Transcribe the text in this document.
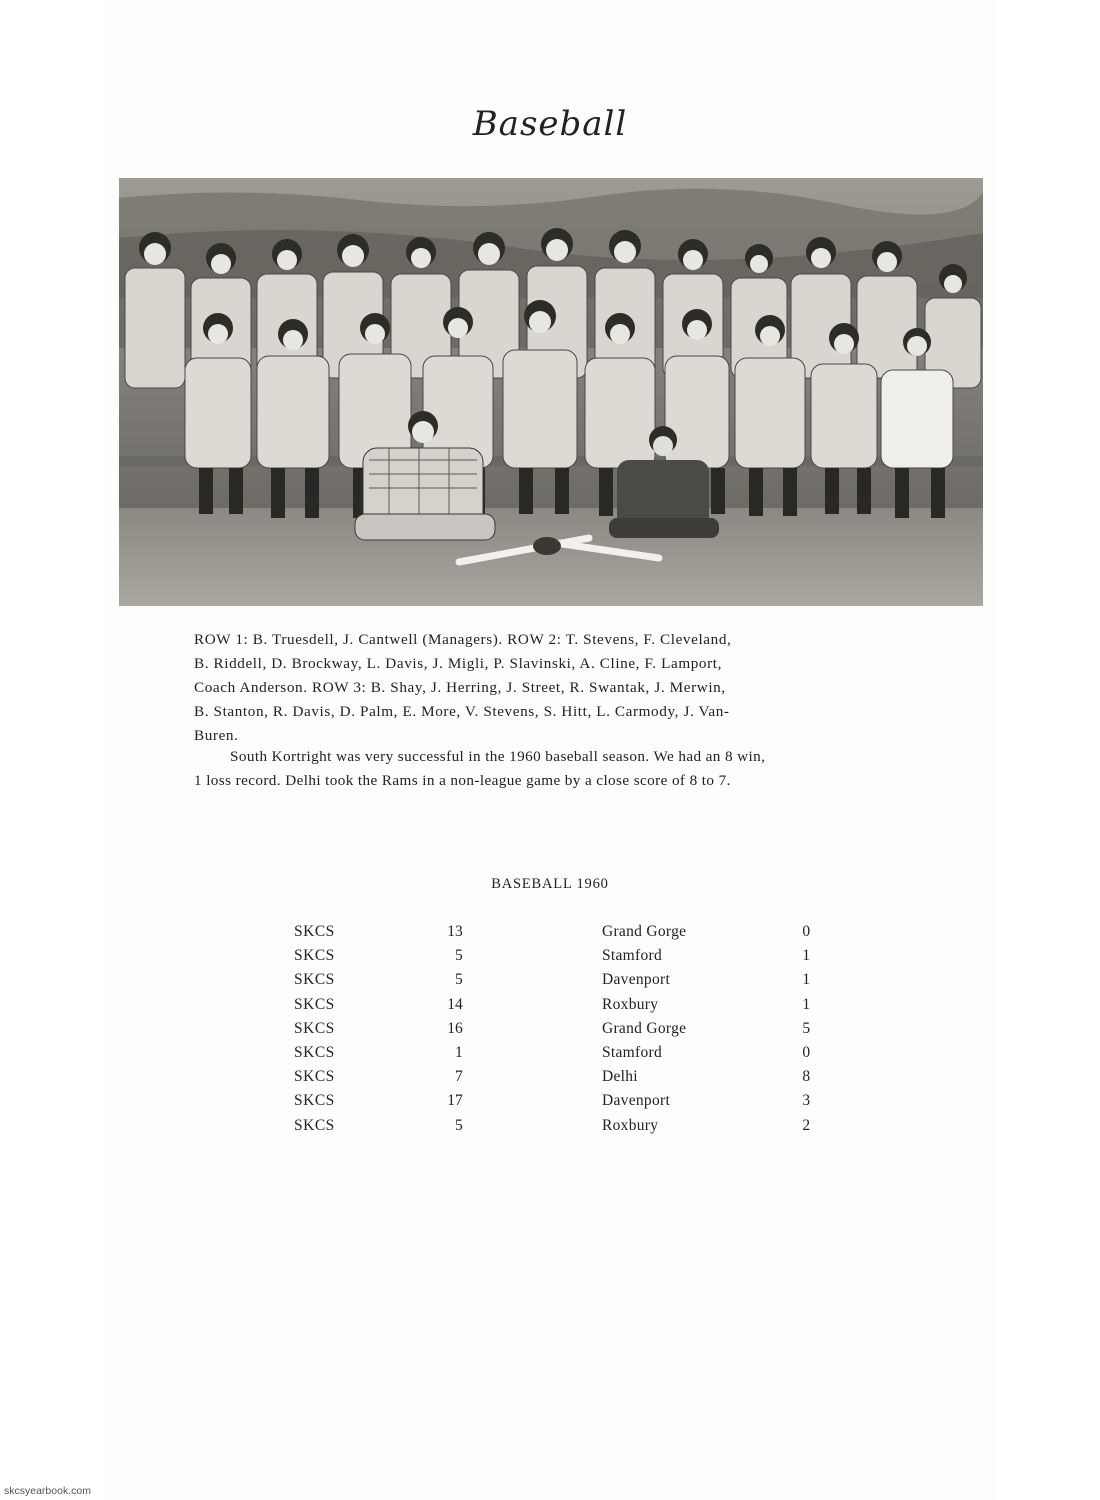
Baseball
ROW 1: B. Truesdell, J. Cantwell (Managers). ROW 2: T. Stevens, F. Cleveland,
B. Riddell, D. Brockway, L. Davis, J. Migli, P. Slavinski, A. Cline, F. Lamport,
Coach Anderson. ROW 3: B. Shay, J. Herring, J. Street, R. Swantak, J. Merwin,
B. Stanton, R. Davis, D. Palm, E. More, V. Stevens, S. Hitt, L. Carmody, J. Van-
Buren.
South Kortright was very successful in the 1960 baseball season. We had an 8 win,
1 loss record. Delhi took the Rams in a non-league game by a close score of 8 to 7.
BASEBALL 1960
SKCS	13		Grand Gorge	0
SKCS	5		Stamford	1
SKCS	5		Davenport	1
SKCS	14		Roxbury	1
SKCS	16		Grand Gorge	5
SKCS	1		Stamford	0
SKCS	7		Delhi	8
SKCS	17		Davenport	3
SKCS	5		Roxbury	2
skcsyearbook.com
